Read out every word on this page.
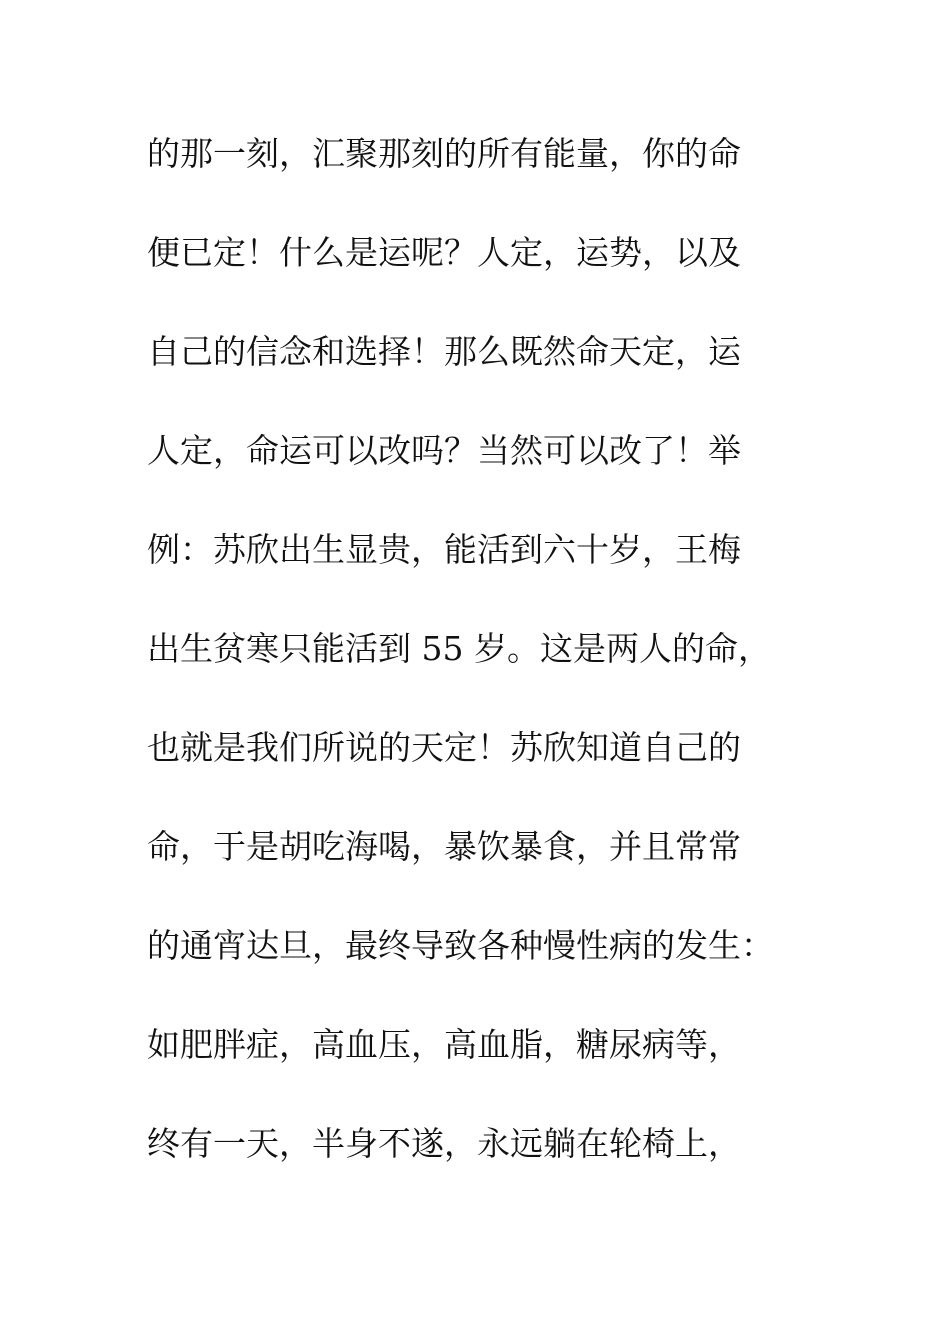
的那一刻，汇聚那刻的所有能量，你的命
便已定！什么是运呢？人定，运势，以及
自己的信念和选择！那么既然命天定，运
人定，命运可以改吗？当然可以改了！举
例：苏欣出生显贵，能活到六十岁，王梅
出生贫寒只能活到 55 岁。这是两人的命，
也就是我们所说的天定！苏欣知道自己的
命，于是胡吃海喝，暴饮暴食，并且常常
的通宵达旦，最终导致各种慢性病的发生：
如肥胖症，高血压，高血脂，糖尿病等，
终有一天，半身不遂，永远躺在轮椅上，
